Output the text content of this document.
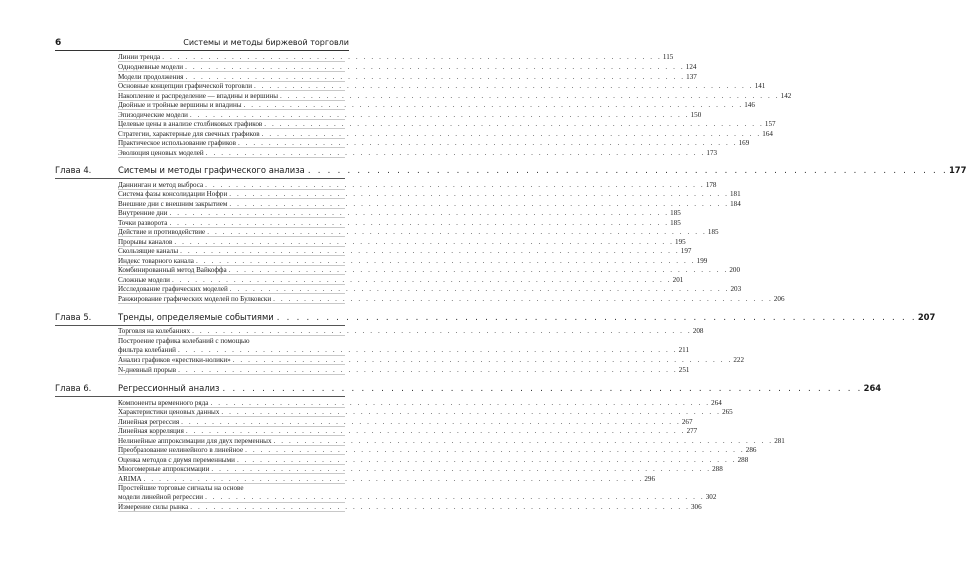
6	Системы и методы биржевой торговли
Линии тренда . . . . . . . . . . . . . . . . . . . . . . . . . . . . . . . . . . . . . . . . . . . . . . . . . . . . . . . . . . . . . . . . . 115
Однодневные модели . . . . . . . . . . . . . . . . . . . . . . . . . . . . . . . . . . . . . . . . . . . . . . . . . . . . . . . . . . . . . . . . . 124
Модели продолжения . . . . . . . . . . . . . . . . . . . . . . . . . . . . . . . . . . . . . . . . . . . . . . . . . . . . . . . . . . . . . . . . . 137
Основные концепции графической торговли . . . . . . . . . . . . . . . . . . . . . . . . . . . . . . . . . . . . . . . . . . . . . . . . . . . . . . . . . . . . . . . . . 141
Накопление и распределение — впадины и вершины . . . . . . . . . . . . . . . . . . . . . . . . . . . . . . . . . . . . . . . . . . . . . . . . . . . . . . . . . . . . . . . . . 142
Двойные и тройные вершины и впадины . . . . . . . . . . . . . . . . . . . . . . . . . . . . . . . . . . . . . . . . . . . . . . . . . . . . . . . . . . . . . . . . . 146
Эпизодические модели . . . . . . . . . . . . . . . . . . . . . . . . . . . . . . . . . . . . . . . . . . . . . . . . . . . . . . . . . . . . . . . . . 150
Целевые цены в анализе столбиковых графиков . . . . . . . . . . . . . . . . . . . . . . . . . . . . . . . . . . . . . . . . . . . . . . . . . . . . . . . . . . . . . . . . . 157
Стратегии, характерные для свечных графиков . . . . . . . . . . . . . . . . . . . . . . . . . . . . . . . . . . . . . . . . . . . . . . . . . . . . . . . . . . . . . . . . . 164
Практическое использование графиков . . . . . . . . . . . . . . . . . . . . . . . . . . . . . . . . . . . . . . . . . . . . . . . . . . . . . . . . . . . . . . . . . 169
Эволюция ценовых моделей . . . . . . . . . . . . . . . . . . . . . . . . . . . . . . . . . . . . . . . . . . . . . . . . . . . . . . . . . . . . . . . . . 173
Глава 4.	Системы и методы графического анализа . . . . . . . . . . . . . . . . . . . . . . . . . . . . . . . . . . . . . . . . . . . . . . . . . . . . . . . . . . . . . . . . . 177
Даннинган и метод выброса . . . . . . . . . . . . . . . . . . . . . . . . . . . . . . . . . . . . . . . . . . . . . . . . . . . . . . . . . . . . . . . . . 178
Система фазы консолидации Нофри . . . . . . . . . . . . . . . . . . . . . . . . . . . . . . . . . . . . . . . . . . . . . . . . . . . . . . . . . . . . . . . . . 181
Внешние дни с внешним закрытием . . . . . . . . . . . . . . . . . . . . . . . . . . . . . . . . . . . . . . . . . . . . . . . . . . . . . . . . . . . . . . . . . 184
Внутренние дни . . . . . . . . . . . . . . . . . . . . . . . . . . . . . . . . . . . . . . . . . . . . . . . . . . . . . . . . . . . . . . . . . 185
Точки разворота . . . . . . . . . . . . . . . . . . . . . . . . . . . . . . . . . . . . . . . . . . . . . . . . . . . . . . . . . . . . . . . . . 185
Действие и противодействие . . . . . . . . . . . . . . . . . . . . . . . . . . . . . . . . . . . . . . . . . . . . . . . . . . . . . . . . . . . . . . . . . 185
Прорывы каналов . . . . . . . . . . . . . . . . . . . . . . . . . . . . . . . . . . . . . . . . . . . . . . . . . . . . . . . . . . . . . . . . . 195
Скользящие каналы . . . . . . . . . . . . . . . . . . . . . . . . . . . . . . . . . . . . . . . . . . . . . . . . . . . . . . . . . . . . . . . . . 197
Индекс товарного канала . . . . . . . . . . . . . . . . . . . . . . . . . . . . . . . . . . . . . . . . . . . . . . . . . . . . . . . . . . . . . . . . . 199
Комбинированный метод Вайкоффа . . . . . . . . . . . . . . . . . . . . . . . . . . . . . . . . . . . . . . . . . . . . . . . . . . . . . . . . . . . . . . . . . 200
Сложные модели . . . . . . . . . . . . . . . . . . . . . . . . . . . . . . . . . . . . . . . . . . . . . . . . . . . . . . . . . . . . . . . . . 201
Исследование графических моделей . . . . . . . . . . . . . . . . . . . . . . . . . . . . . . . . . . . . . . . . . . . . . . . . . . . . . . . . . . . . . . . . . 203
Ранжирование графических моделей по Булковски . . . . . . . . . . . . . . . . . . . . . . . . . . . . . . . . . . . . . . . . . . . . . . . . . . . . . . . . . . . . . . . . . 206
Глава 5.	Тренды, определяемые событиями . . . . . . . . . . . . . . . . . . . . . . . . . . . . . . . . . . . . . . . . . . . . . . . . . . . . . . . . . . . . . . . . . 207
Торговля на колебаниях . . . . . . . . . . . . . . . . . . . . . . . . . . . . . . . . . . . . . . . . . . . . . . . . . . . . . . . . . . . . . . . . . 208
Построение графика колебаний с помощью
фильтра колебаний . . . . . . . . . . . . . . . . . . . . . . . . . . . . . . . . . . . . . . . . . . . . . . . . . . . . . . . . . . . . . . . . . 211
Анализ графиков «крестики-нолики» . . . . . . . . . . . . . . . . . . . . . . . . . . . . . . . . . . . . . . . . . . . . . . . . . . . . . . . . . . . . . . . . . 222
N-дневный прорыв . . . . . . . . . . . . . . . . . . . . . . . . . . . . . . . . . . . . . . . . . . . . . . . . . . . . . . . . . . . . . . . . . 251
Глава 6.	Регрессионный анализ . . . . . . . . . . . . . . . . . . . . . . . . . . . . . . . . . . . . . . . . . . . . . . . . . . . . . . . . . . . . . . . . . 264
Компоненты временного ряда . . . . . . . . . . . . . . . . . . . . . . . . . . . . . . . . . . . . . . . . . . . . . . . . . . . . . . . . . . . . . . . . . 264
Характеристики ценовых данных . . . . . . . . . . . . . . . . . . . . . . . . . . . . . . . . . . . . . . . . . . . . . . . . . . . . . . . . . . . . . . . . . 265
Линейная регрессия . . . . . . . . . . . . . . . . . . . . . . . . . . . . . . . . . . . . . . . . . . . . . . . . . . . . . . . . . . . . . . . . . 267
Линейная корреляция . . . . . . . . . . . . . . . . . . . . . . . . . . . . . . . . . . . . . . . . . . . . . . . . . . . . . . . . . . . . . . . . . 277
Нелинейные аппроксимации для двух переменных . . . . . . . . . . . . . . . . . . . . . . . . . . . . . . . . . . . . . . . . . . . . . . . . . . . . . . . . . . . . . . . . . 281
Преобразование нелинейного в линейное . . . . . . . . . . . . . . . . . . . . . . . . . . . . . . . . . . . . . . . . . . . . . . . . . . . . . . . . . . . . . . . . . 286
Оценка методов с двумя переменными . . . . . . . . . . . . . . . . . . . . . . . . . . . . . . . . . . . . . . . . . . . . . . . . . . . . . . . . . . . . . . . . . 288
Многомерные аппроксимации . . . . . . . . . . . . . . . . . . . . . . . . . . . . . . . . . . . . . . . . . . . . . . . . . . . . . . . . . . . . . . . . . 288
ARIMA . . . . . . . . . . . . . . . . . . . . . . . . . . . . . . . . . . . . . . . . . . . . . . . . . . . . . . . . . . . . . . . . . 296
Простейшие торговые сигналы на основе
модели линейной регрессии . . . . . . . . . . . . . . . . . . . . . . . . . . . . . . . . . . . . . . . . . . . . . . . . . . . . . . . . . . . . . . . . . 302
Измерение силы рынка . . . . . . . . . . . . . . . . . . . . . . . . . . . . . . . . . . . . . . . . . . . . . . . . . . . . . . . . . . . . . . . . . 306
